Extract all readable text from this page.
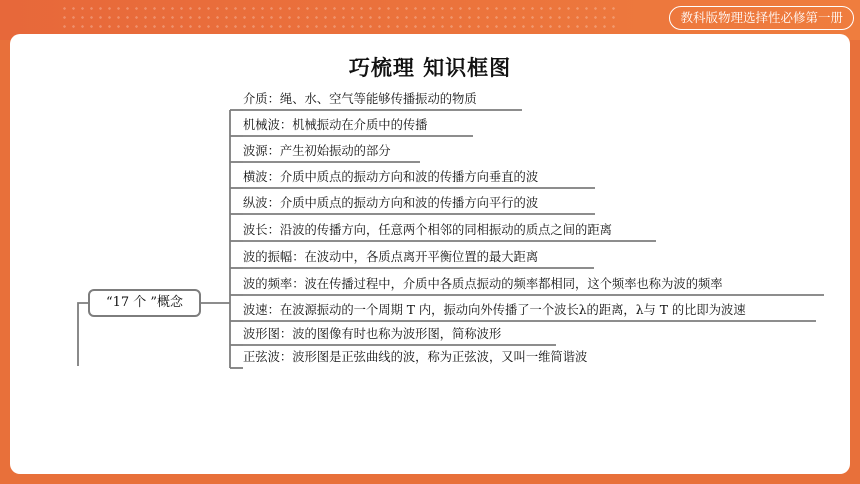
教科版物理选择性必修第一册
巧梳理 知识框图
“17 个 ”概念
介质：绳、水、空气等能够传播振动的物质
机械波：机械振动在介质中的传播
波源：产生初始振动的部分
横波：介质中质点的振动方向和波的传播方向垂直的波
纵波：介质中质点的振动方向和波的传播方向平行的波
波长：沿波的传播方向，任意两个相邻的同相振动的质点之间的距离
波的振幅：在波动中，各质点离开平衡位置的最大距离
波的频率：波在传播过程中，介质中各质点振动的频率都相同，这个频率也称为波的频率
波速：在波源振动的一个周期 T 内，振动向外传播了一个波长λ的距离，λ与 T 的比即为波速
波形图：波的图像有时也称为波形图，简称波形
正弦波：波形图是正弦曲线的波，称为正弦波，又叫一维简谐波
